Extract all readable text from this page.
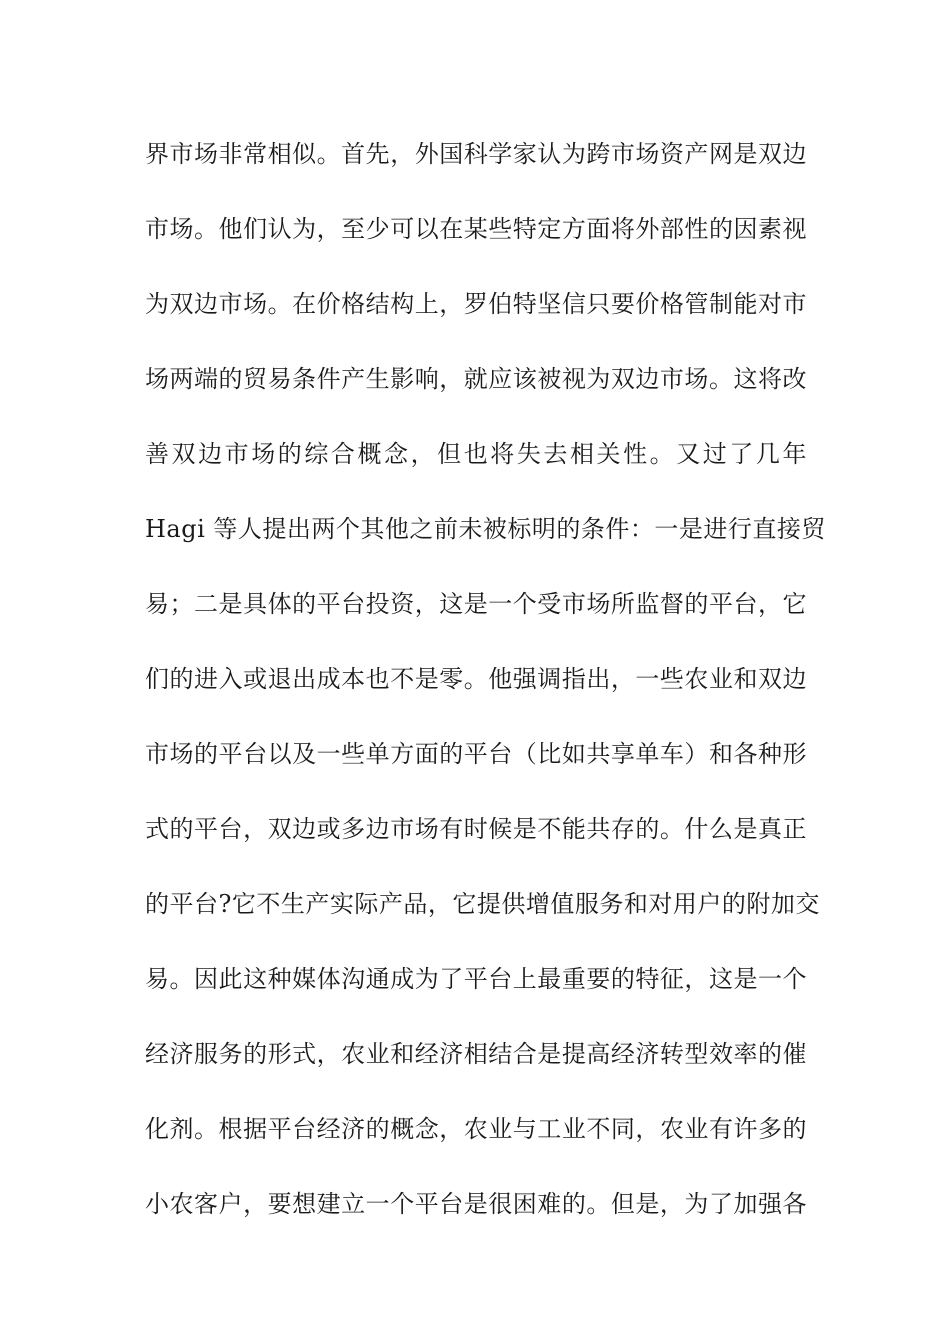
界市场非常相似。首先，外国科学家认为跨市场资产网是双边
市场。他们认为，至少可以在某些特定方面将外部性的因素视
为双边市场。在价格结构上，罗伯特坚信只要价格管制能对市
场两端的贸易条件产生影响，就应该被视为双边市场。这将改
善双边市场的综合概念，但也将失去相关性。又过了几年
Hagi 等人提出两个其他之前未被标明的条件：一是进行直接贸
易；二是具体的平台投资，这是一个受市场所监督的平台，它
们的进入或退出成本也不是零。他强调指出，一些农业和双边
市场的平台以及一些单方面的平台（比如共享单车）和各种形
式的平台，双边或多边市场有时候是不能共存的。什么是真正
的平台?它不生产实际产品，它提供增值服务和对用户的附加交
易。因此这种媒体沟通成为了平台上最重要的特征，这是一个
经济服务的形式，农业和经济相结合是提高经济转型效率的催
化剂。根据平台经济的概念，农业与工业不同，农业有许多的
小农客户，要想建立一个平台是很困难的。但是，为了加强各
